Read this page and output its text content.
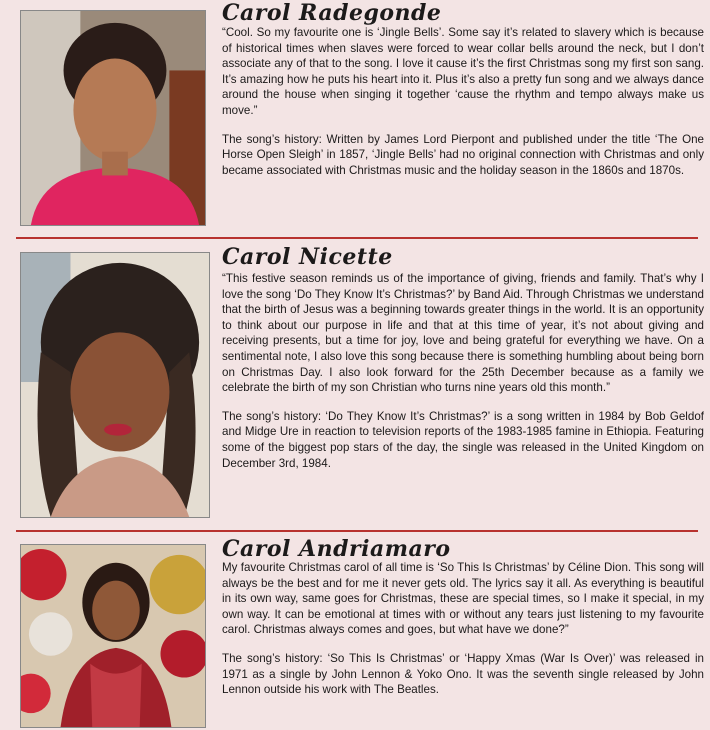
Carol Radegonde

“Cool. So my favourite one is ‘Jingle Bells’. Some say it’s related to slavery which is because of historical times when slaves were forced to wear collar bells around the neck, but I don’t associate any of that to the song. I love it cause it’s the first Christmas song my first son sang. It’s amazing how he puts his heart into it. Plus it’s also a pretty fun song and we always dance around the house when singing it together ‘cause the rhythm and tempo always make us move.”

The song’s history: Written by James Lord Pierpont and published under the title ‘The One Horse Open Sleigh’ in 1857, ‘Jingle Bells’ had no original connection with Christmas and only became associated with Christmas music and the holiday season in the 1860s and 1870s.

Carol Nicette

“This festive season reminds us of the importance of giving, friends and family. That’s why I love the song ‘Do They Know It’s Christmas?’ by Band Aid. Through Christmas we understand that the birth of Jesus was a beginning towards greater things in the world. It is an opportunity to think about our purpose in life and that at this time of year, it’s not about giving and receiving presents, but a time for joy, love and being grateful for everything we have. On a sentimental note, I also love this song because there is something humbling about being born on Christmas Day. I also look forward for the 25th December because as a family we celebrate the birth of my son Christian who turns nine years old this month.”

The song’s history: ‘Do They Know It’s Christmas?’ is a song written in 1984 by Bob Geldof and Midge Ure in reaction to television reports of the 1983-1985 famine in Ethiopia. Featuring some of the biggest pop stars of the day, the single was released in the United Kingdom on December 3rd, 1984.

Carol Andriamaro

My favourite Christmas carol of all time is ‘So This Is Christmas’ by Céline Dion. This song will always be the best and for me it never gets old. The lyrics say it all. As everything is beautiful in its own way, same goes for Christmas, these are special times, so I make it special, in my own way. It can be emotional at times with or without any tears just listening to my favourite carol. Christmas always comes and goes, but what have we done?”

The song’s history: ‘So This Is Christmas’ or ‘Happy Xmas (War Is Over)’ was released in 1971 as a single by John Lennon & Yoko Ono. It was the seventh single released by John Lennon outside his work with The Beatles.
